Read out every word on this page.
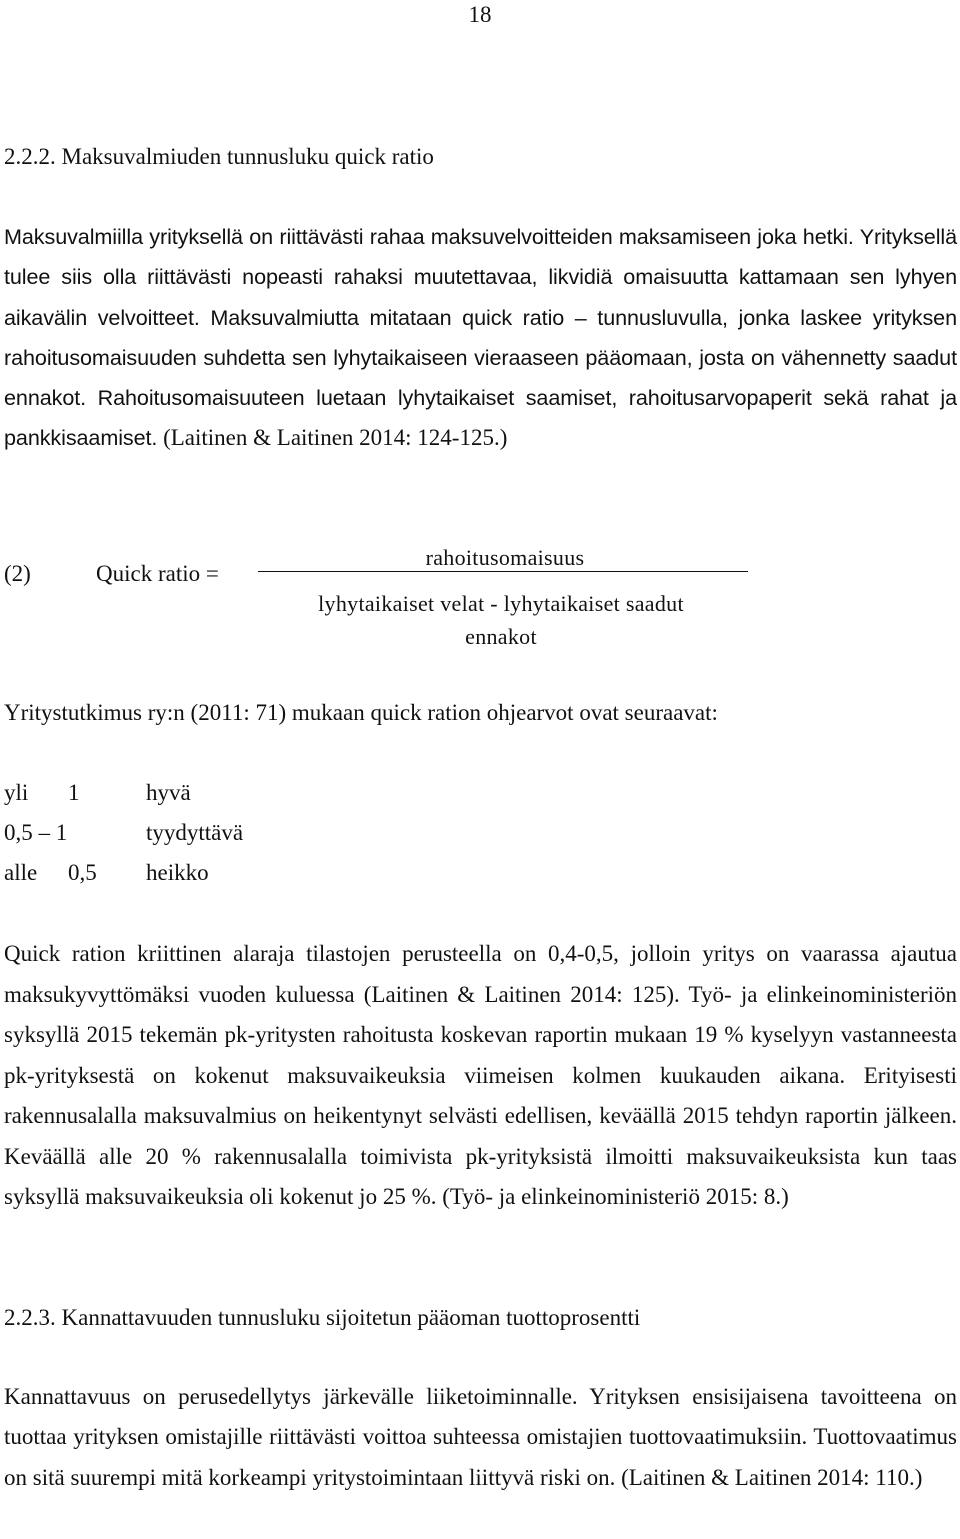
18
2.2.2. Maksuvalmiuden tunnusluku quick ratio

Maksuvalmiilla yrityksellä on riittävästi rahaa maksuvelvoitteiden maksamiseen joka hetki. Yrityksellä tulee siis olla riittävästi nopeasti rahaksi muutettavaa, likvidiä omaisuutta kattamaan sen lyhyen aikavälin velvoitteet. Maksuvalmiutta mitataan quick ratio – tunnusluvulla, jonka laskee yrityksen rahoitusomaisuuden suhdetta sen lyhytaikaiseen vieraaseen pääomaan, josta on vähennetty saadut ennakot. Rahoitusomaisuuteen luetaan lyhytaikaiset saamiset, rahoitusarvopaperit sekä rahat ja pankkisaamiset. (Laitinen & Laitinen 2014: 124-125.)

(2)	Quick ratio =
rahoitusomaisuus
lyhytaikaiset velat - lyhytaikaiset saadut
ennakot

Yritystutkimus ry:n (2011: 71) mukaan quick ration ohjearvot ovat seuraavat:

yli 1	hyvä
0,5 – 1	tyydyttävä
alle 0,5 heikko

Quick ration kriittinen alaraja tilastojen perusteella on 0,4-0,5, jolloin yritys on vaarassa ajautua maksukyvyttömäksi vuoden kuluessa (Laitinen & Laitinen 2014: 125). Työ- ja elinkeinoministeriön syksyllä 2015 tekemän pk-yritysten rahoitusta koskevan raportin mukaan 19 % kyselyyn vastanneesta pk-yrityksestä on kokenut maksuvaikeuksia viimeisen kolmen kuukauden aikana. Erityisesti rakennusalalla maksuvalmius on heikentynyt selvästi edellisen, keväällä 2015 tehdyn raportin jälkeen. Keväällä alle 20 % rakennusalalla toimivista pk-yrityksistä ilmoitti maksuvaikeuksista kun taas syksyllä maksuvaikeuksia oli kokenut jo 25 %. (Työ- ja elinkeinoministeriö 2015: 8.)

2.2.3. Kannattavuuden tunnusluku sijoitetun pääoman tuottoprosentti

Kannattavuus on perusedellytys järkevälle liiketoiminnalle. Yrityksen ensisijaisena tavoitteena on tuottaa yrityksen omistajille riittävästi voittoa suhteessa omistajien tuottovaatimuksiin. Tuottovaatimus on sitä suurempi mitä korkeampi yritystoimintaan liittyvä riski on. (Laitinen & Laitinen 2014: 110.)
